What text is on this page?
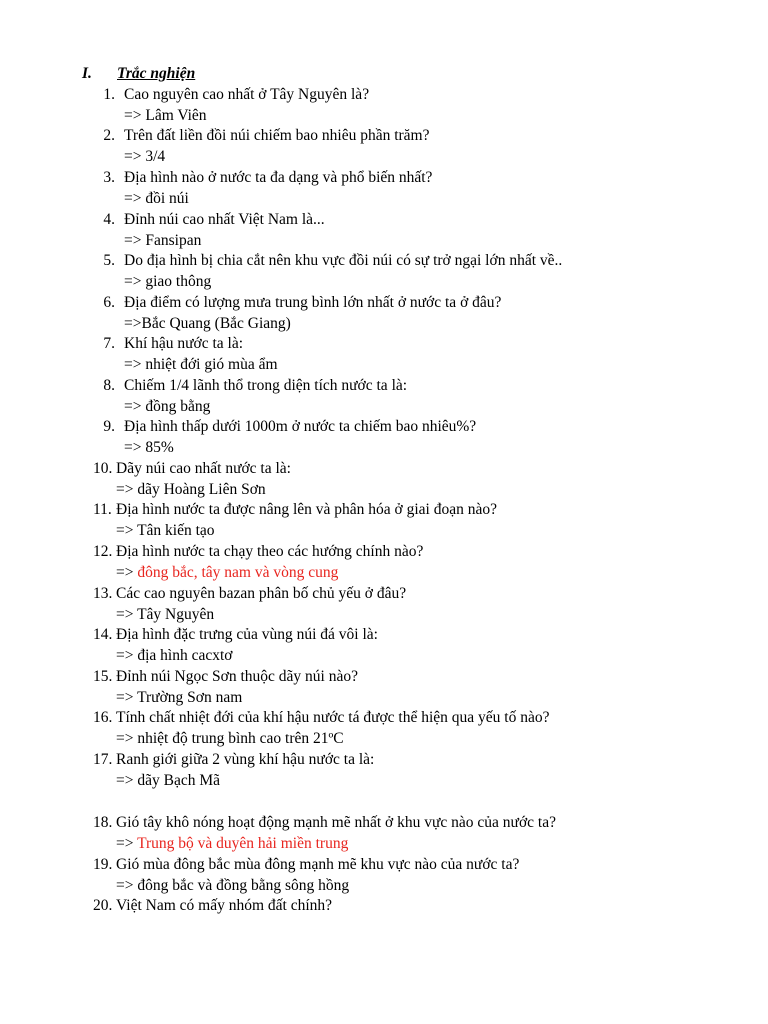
I. Trắc nghiện
1. Cao nguyên cao nhất ở Tây Nguyên là?
=> Lâm Viên
2. Trên đất liền đồi núi chiếm bao nhiêu phần trăm?
=> 3/4
3. Địa hình nào ở nước ta đa dạng và phổ biến nhất?
=> đồi núi
4. Đỉnh núi cao nhất Việt Nam là...
=> Fansipan
5. Do địa hình bị chia cắt nên khu vực đồi núi có sự trở ngại lớn nhất về..
=> giao thông
6. Địa điểm có lượng mưa trung bình lớn nhất ở nước ta ở đâu?
=>Bắc Quang (Bắc Giang)
7. Khí hậu nước ta là:
=> nhiệt đới gió mùa ẩm
8. Chiếm 1/4 lãnh thổ trong diện tích nước ta là:
=> đồng bằng
9. Địa hình thấp dưới 1000m ở nước ta chiếm bao nhiêu%?
=> 85%
10. Dãy núi cao nhất nước ta là:
=> dãy Hoàng Liên Sơn
11. Địa hình nước ta được nâng lên và phân hóa ở giai đoạn nào?
=> Tân kiến tạo
12. Địa hình nước ta chạy theo các hướng chính nào?
=> đông bắc, tây nam và vòng cung
13. Các cao nguyên bazan phân bố chủ yếu ở đâu?
=> Tây Nguyên
14. Địa hình đặc trưng của vùng núi đá vôi là:
=> địa hình cacxtơ
15. Đỉnh núi Ngọc Sơn thuộc dãy núi nào?
=> Trường Sơn nam
16. Tính chất nhiệt đới của khí hậu nước tá được thể hiện qua yếu tố nào?
=> nhiệt độ trung bình cao trên 21ºC
17. Ranh giới giữa 2 vùng khí hậu nước ta là:
=> dãy Bạch Mã
18. Gió tây khô nóng hoạt động mạnh mẽ nhất ở khu vực nào của nước ta?
=> Trung bộ và duyên hải miền trung
19. Gió mùa đông bắc mùa đông mạnh mẽ khu vực nào của nước ta?
=> đông bắc và đồng bằng sông hồng
20. Việt Nam có mấy nhóm đất chính?
